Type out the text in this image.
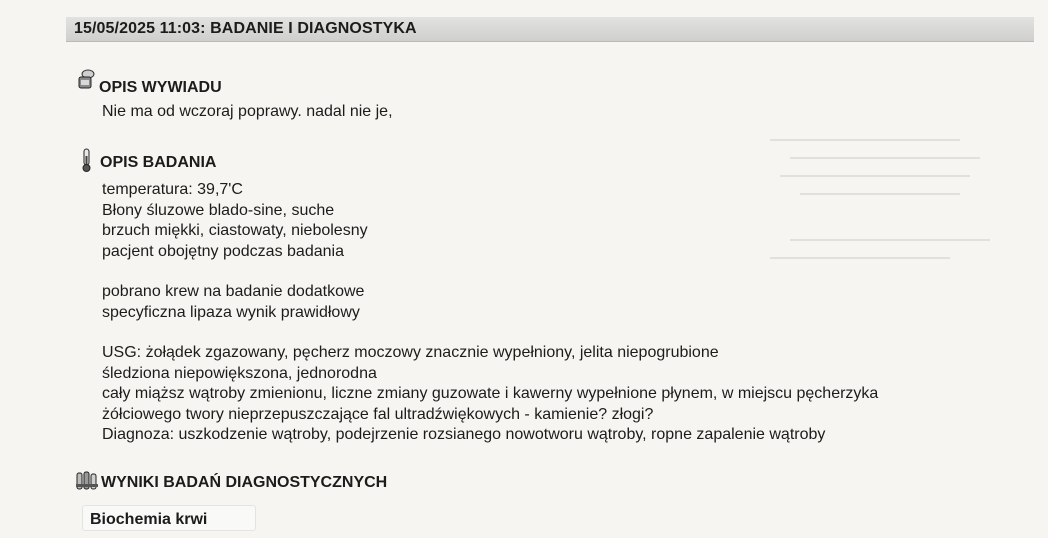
15/05/2025 11:03: BADANIE I DIAGNOSTYKA
OPIS WYWIADU
Nie ma od wczoraj poprawy. nadal nie je,
OPIS BADANIA
temperatura: 39,7'C
Błony śluzowe blado-sine, suche
brzuch miękki, ciastowaty, niebolesny
pacjent obojętny podczas badania
pobrano krew na badanie dodatkowe
specyficzna lipaza wynik prawidłowy
USG: żołądek zgazowany, pęcherz moczowy znacznie wypełniony, jelita niepogrubione
śledziona niepowiększona, jednorodna
cały miąższ wątroby zmienionu, liczne zmiany guzowate i kawerny wypełnione płynem, w miejscu pęcherzyka
żółciowego twory nieprzepuszczające fal ultradźwiękowych - kamienie? złogi?
Diagnoza: uszkodzenie wątroby, podejrzenie rozsianego nowotworu wątroby, ropne zapalenie wątroby
WYNIKI BADAŃ DIAGNOSTYCZNYCH
Biochemia krwi
